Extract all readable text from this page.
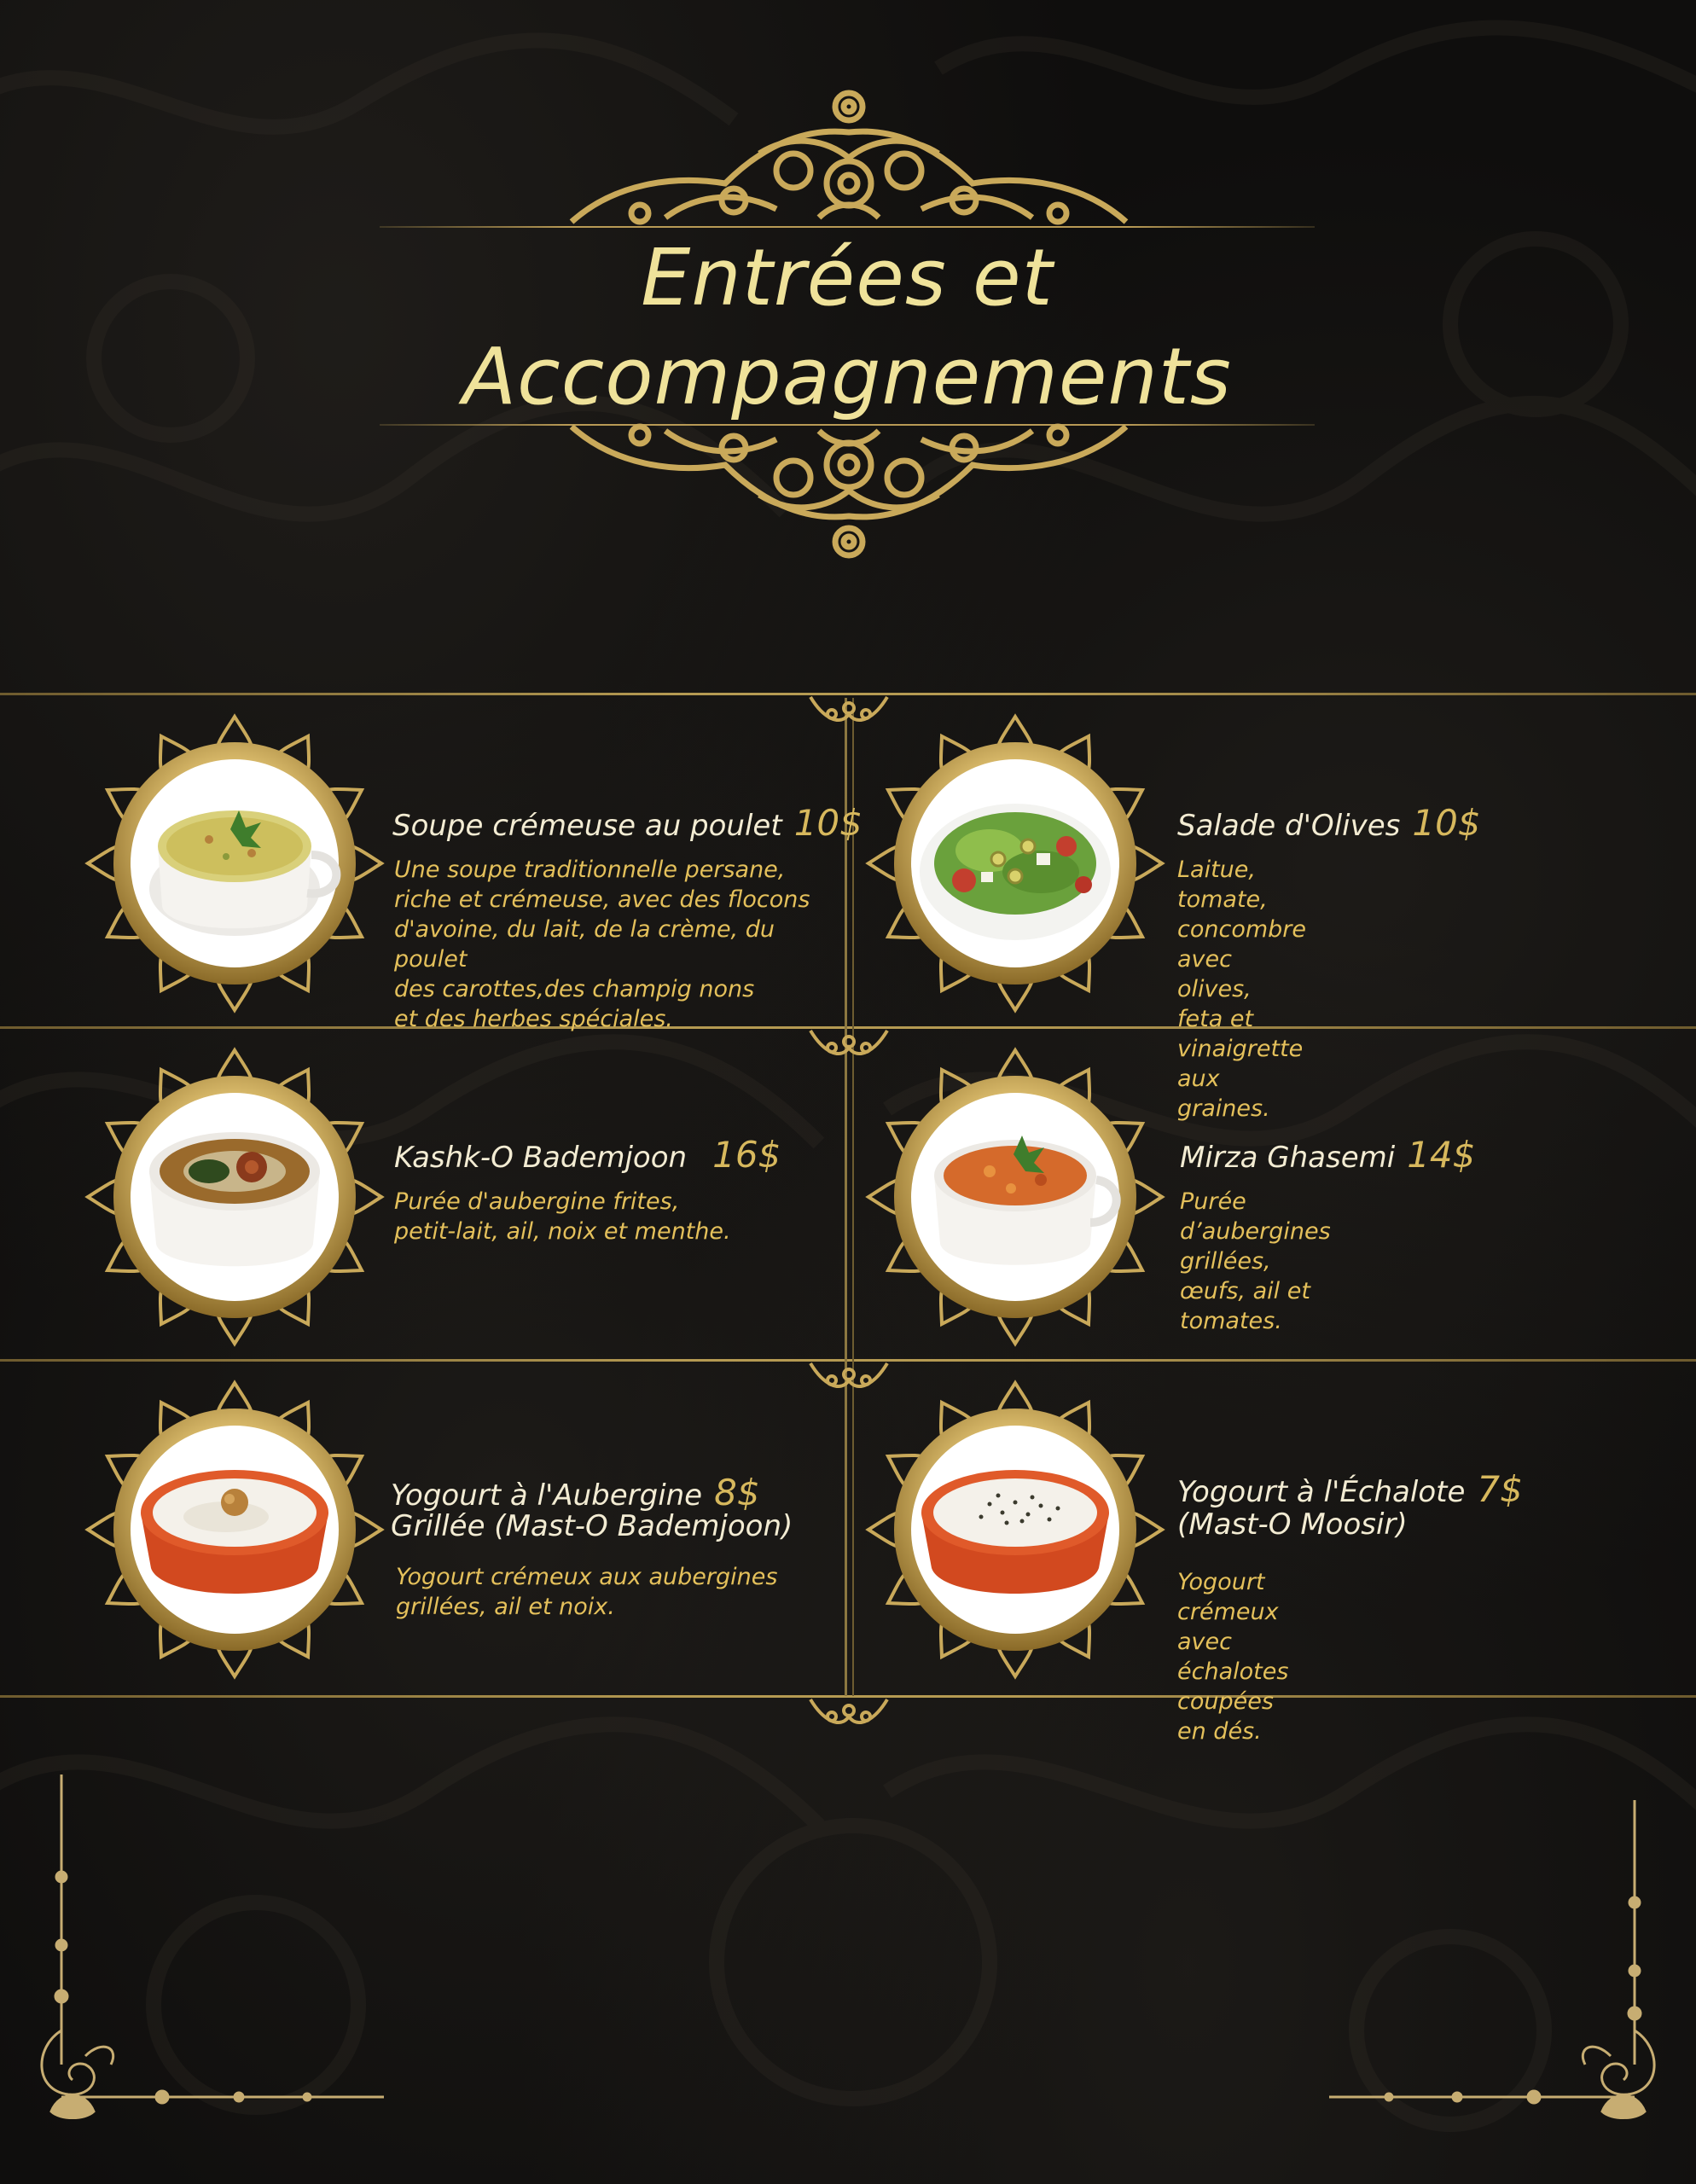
Entrées et
Accompagnements
Soupe crémeuse au poulet 10$
Une soupe traditionnelle persane,
riche et crémeuse, avec des flocons
d'avoine, du lait, de la crème, du poulet
des carottes,des champig nons
et des herbes spéciales.
Salade d'Olives 10$
Laitue, tomate, concombre avec olives,
feta et vinaigrette aux graines.
Kashk-O Bademjoon 16$
Purée d'aubergine frites,
petit-lait, ail, noix et menthe.
Mirza Ghasemi 14$
Purée d’aubergines grillées,
œufs, ail et tomates.
Yogourt à l'Aubergine 8$
Grillée (Mast-O Bademjoon)
Yogourt crémeux aux aubergines
grillées, ail et noix.
Yogourt à l'Échalote 7$
(Mast-O Moosir)
Yogourt crémeux avec échalotes
coupées en dés.
